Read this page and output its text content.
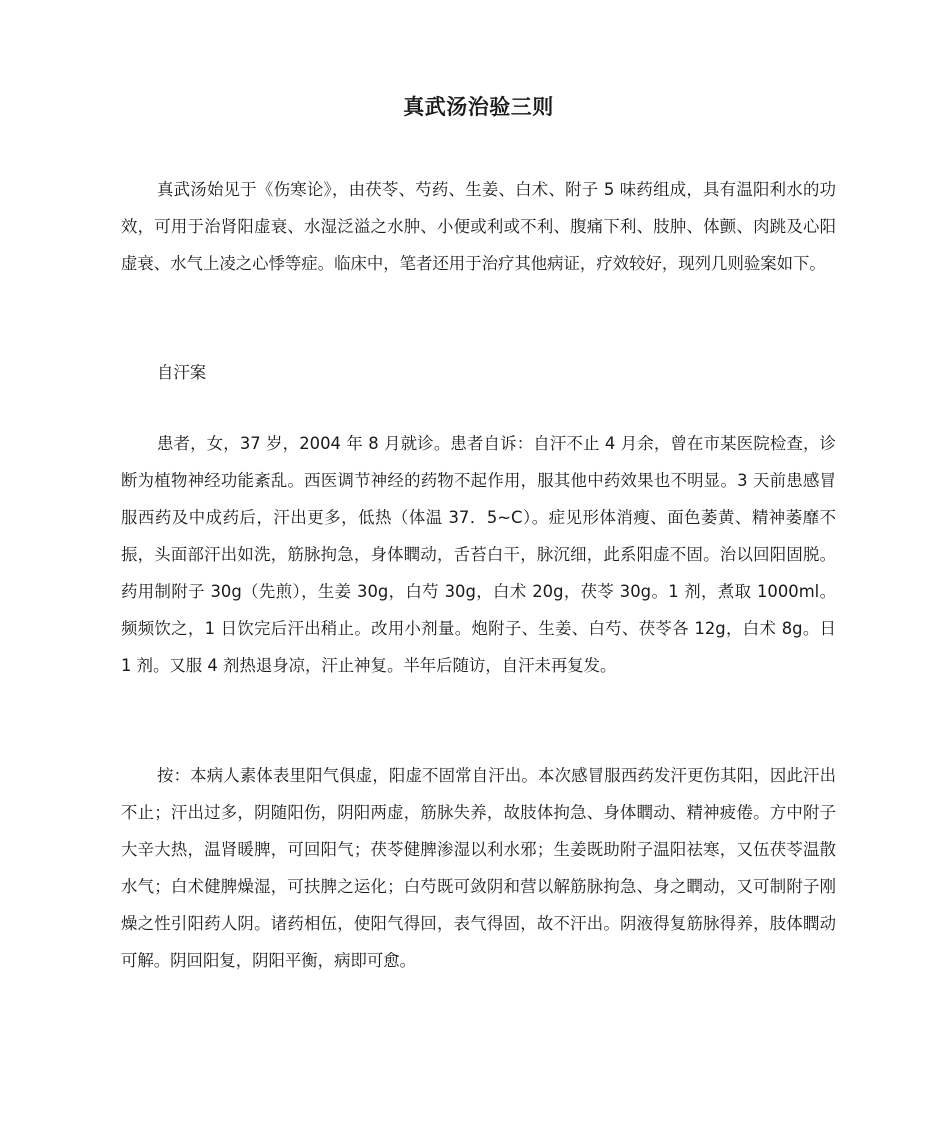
真武汤治验三则

真武汤始见于《伤寒论》，由茯苓、芍药、生姜、白术、附子 5 味药组成，具有温阳利水的功效，可用于治肾阳虚衰、水湿泛溢之水肿、小便或利或不利、腹痛下利、肢肿、体颤、肉跳及心阳虚衰、水气上凌之心悸等症。临床中，笔者还用于治疗其他病证，疗效较好，现列几则验案如下。

自汗案

患者，女，37 岁，2004 年 8 月就诊。患者自诉：自汗不止 4 月余，曾在市某医院检查，诊断为植物神经功能紊乱。西医调节神经的药物不起作用，服其他中药效果也不明显。3 天前患感冒服西药及中成药后，汗出更多，低热（体温 37．5~C）。症见形体消瘦、面色萎黄、精神萎靡不振，头面部汗出如洗，筋脉拘急，身体瞤动，舌苔白干，脉沉细，此系阳虚不固。治以回阳固脱。药用制附子 30g（先煎），生姜 30g，白芍 30g，白术 20g，茯苓 30g。1 剂，煮取 1000ml。频频饮之，1 日饮完后汗出稍止。改用小剂量。炮附子、生姜、白芍、茯苓各 12g，白术 8g。日 1 剂。又服 4 剂热退身凉，汗止神复。半年后随访，自汗未再复发。

按：本病人素体表里阳气俱虚，阳虚不固常自汗出。本次感冒服西药发汗更伤其阳，因此汗出不止；汗出过多，阴随阳伤，阴阳两虚，筋脉失养，故肢体拘急、身体瞤动、精神疲倦。方中附子大辛大热，温肾暖脾，可回阳气；茯苓健脾渗湿以利水邪；生姜既助附子温阳祛寒，又伍茯苓温散水气；白术健脾燥湿，可扶脾之运化；白芍既可敛阴和营以解筋脉拘急、身之瞤动，又可制附子刚燥之性引阳药人阴。诸药相伍，使阳气得回，表气得固，故不汗出。阴液得复筋脉得养，肢体瞤动可解。阴回阳复，阴阳平衡，病即可愈。
